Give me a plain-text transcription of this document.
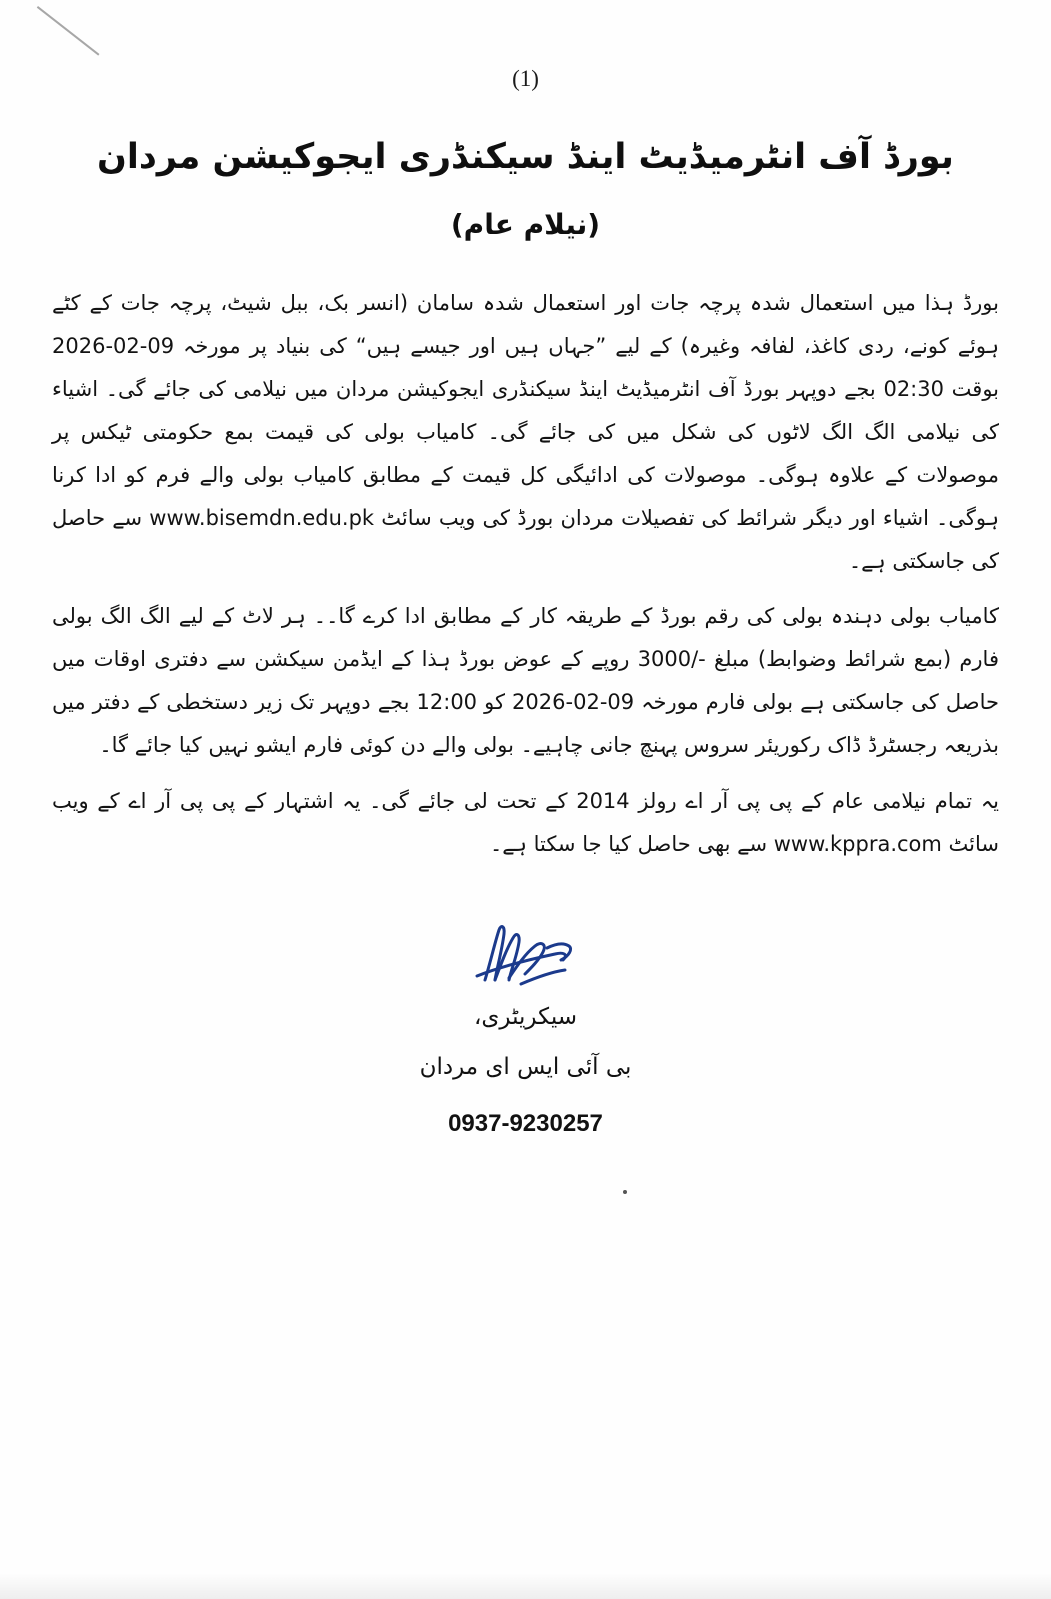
(1)
بورڈ آف انٹرمیڈیٹ اینڈ سیکنڈری ایجوکیشن مردان
(نیلام عام)

بورڈ ہذا میں استعمال شدہ پرچہ جات اور استعمال شدہ سامان (انسر بک، ببل شیٹ، پرچہ جات کے کٹے ہوئے کونے، ردی کاغذ، لفافہ وغیرہ) کے لیے ”جہاں ہیں اور جیسے ہیں“ کی بنیاد پر مورخہ 09-02-2026 بوقت 02:30 بجے دوپہر بورڈ آف انٹرمیڈیٹ اینڈ سیکنڈری ایجوکیشن مردان میں نیلامی کی جائے گی۔ اشیاء کی نیلامی الگ الگ لاٹوں کی شکل میں کی جائے گی۔ کامیاب بولی کی قیمت بمع حکومتی ٹیکس پر موصولات کے علاوہ ہوگی۔ موصولات کی ادائیگی کل قیمت کے مطابق کامیاب بولی والے فرم کو ادا کرنا ہوگی۔ اشیاء اور دیگر شرائط کی تفصیلات مردان بورڈ کی ویب سائٹ www.bisemdn.edu.pk سے حاصل کی جاسکتی ہے۔

کامیاب بولی دہندہ بولی کی رقم بورڈ کے طریقہ کار کے مطابق ادا کرے گا۔۔ ہر لاٹ کے لیے الگ الگ بولی فارم (بمع شرائط وضوابط) مبلغ -/3000 روپے کے عوض بورڈ ہذا کے ایڈمن سیکشن سے دفتری اوقات میں حاصل کی جاسکتی ہے بولی فارم مورخہ 09-02-2026 کو 12:00 بجے دوپہر تک زیر دستخطی کے دفتر میں بذریعہ رجسٹرڈ ڈاک رکوریئر سروس پہنچ جانی چاہیے۔ بولی والے دن کوئی فارم ایشو نہیں کیا جائے گا۔

یہ تمام نیلامی عام کے پی پی آر اے رولز 2014 کے تحت لی جائے گی۔ یہ اشتہار کے پی پی آر اے کے ویب سائٹ www.kppra.com سے بھی حاصل کیا جا سکتا ہے۔

سیکریٹری،
بی آئی ایس ای مردان
0937-9230257
